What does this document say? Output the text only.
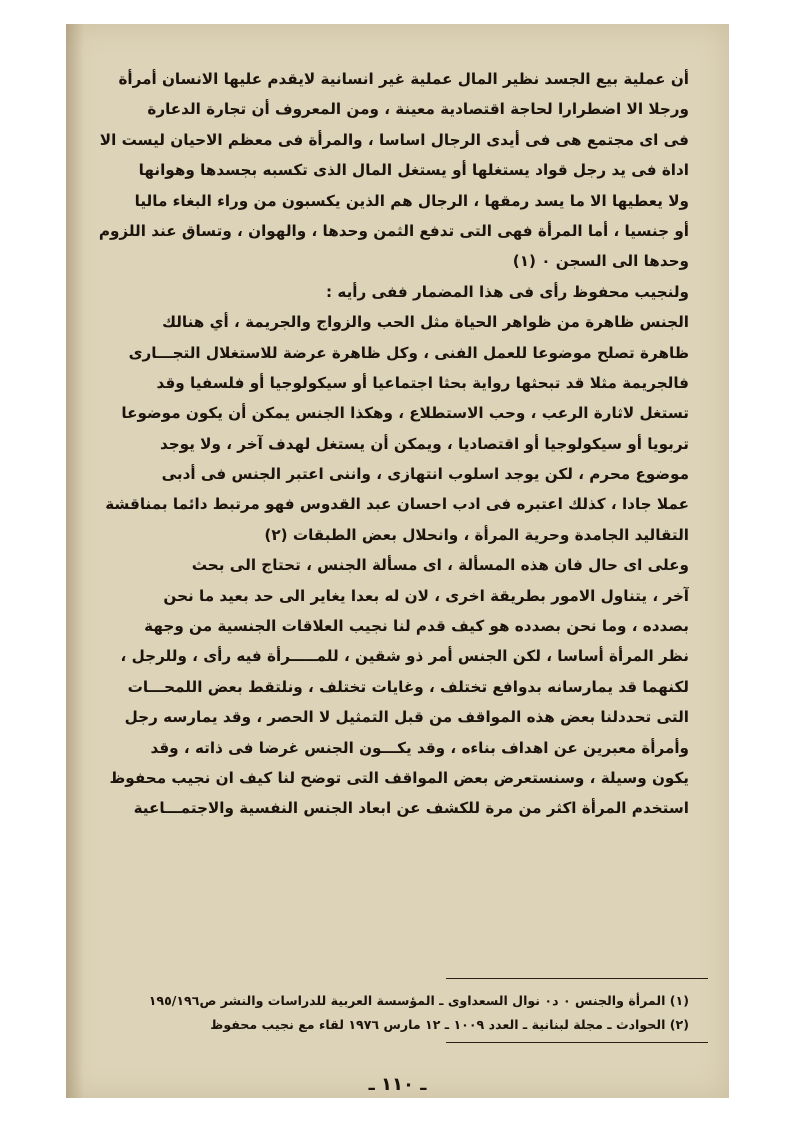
أن عملية بيع الجسد نظير المال عملية غير انسانية لايقدم عليها الانسان أمرأة
ورجلا الا اضطرارا لحاجة اقتصادية معينة ، ومن المعروف أن تجارة الدعارة
فى اى مجتمع هى فى أيدى الرجال اساسا ، والمرأة فى معظم الاحيان ليست الا
اداة فى يد رجل قواد يستغلها أو يستغل المال الذى تكسبه بجسدها وهوانها
ولا يعطيها الا ما يسد رمقها ، الرجال هم الذين يكسبون من وراء البغاء ماليا
أو جنسيا ، أما المرأة فهى التى تدفع الثمن وحدها ، والهوان ، وتساق عند اللزوم
وحدها الى السجن ٠ (١)
ولنجيب محفوظ رأى فى هذا المضمار ففى رأيه :
الجنس ظاهرة من ظواهر الحياة مثل الحب والزواج والجريمة ، أي هنالك
ظاهرة تصلح موضوعا للعمل الفنى ، وكل ظاهرة عرضة للاستغلال التجـــارى
فالجريمة مثلا قد تبحثها رواية بحثا اجتماعيا أو سيكولوجيا أو فلسفيا وقد
تستغل لاثارة الرعب ، وحب الاستطلاع ، وهكذا الجنس يمكن أن يكون موضوعا
تربويا أو سيكولوجيا أو اقتصاديا ، ويمكن أن يستغل لهدف آخر ، ولا يوجد
موضوع محرم ، لكن يوجد اسلوب انتهازى ، واننى اعتبر الجنس فى أدبى
عملا جادا ، كذلك اعتبره فى ادب احسان عبد القدوس فهو مرتبط دائما بمناقشة
التقاليد الجامدة وحرية المرأة ، وانحلال بعض الطبقات (٢)
وعلى اى حال فان هذه المسألة ، اى مسألة الجنس ، تحتاج الى بحث
آخر ، يتناول الامور بطريقة اخرى ، لان له بعدا يغاير الى حد بعيد ما نحن
بصدده ، وما نحن بصدده هو كيف قدم لنا نجيب العلاقات الجنسية من وجهة
نظر المرأة أساسا ، لكن الجنس أمر ذو شقين ، للمـــــرأة فيه رأى ، وللرجل ،
لكنهما قد يمارسانه بدوافع تختلف ، وغايات تختلف ، ونلتقط بعض اللمحـــات
التى تحددلنا بعض هذه المواقف من قبل التمثيل لا الحصر ، وقد يمارسه رجل
وأمرأة معبرين عن اهداف بناءه ، وقد يكـــون الجنس غرضا فى ذاته ، وقد
يكون وسيلة ، وسنستعرض بعض المواقف التى توضح لنا كيف ان نجيب محفوظ
استخدم المرأة اكثر من مرة للكشف عن ابعاد الجنس النفسية والاجتمـــاعية
(١) المرأة والجنس ٠ د٠ نوال السعداوى ـ المؤسسة العربية للدراسات والنشر ص١٩٥/١٩٦
(٢) الحوادث ـ مجلة لبنانية ـ العدد ١٠٠٩ ـ ١٢ مارس ١٩٧٦ لقاء مع نجيب محفوظ
ـ ١١٠ ـ
